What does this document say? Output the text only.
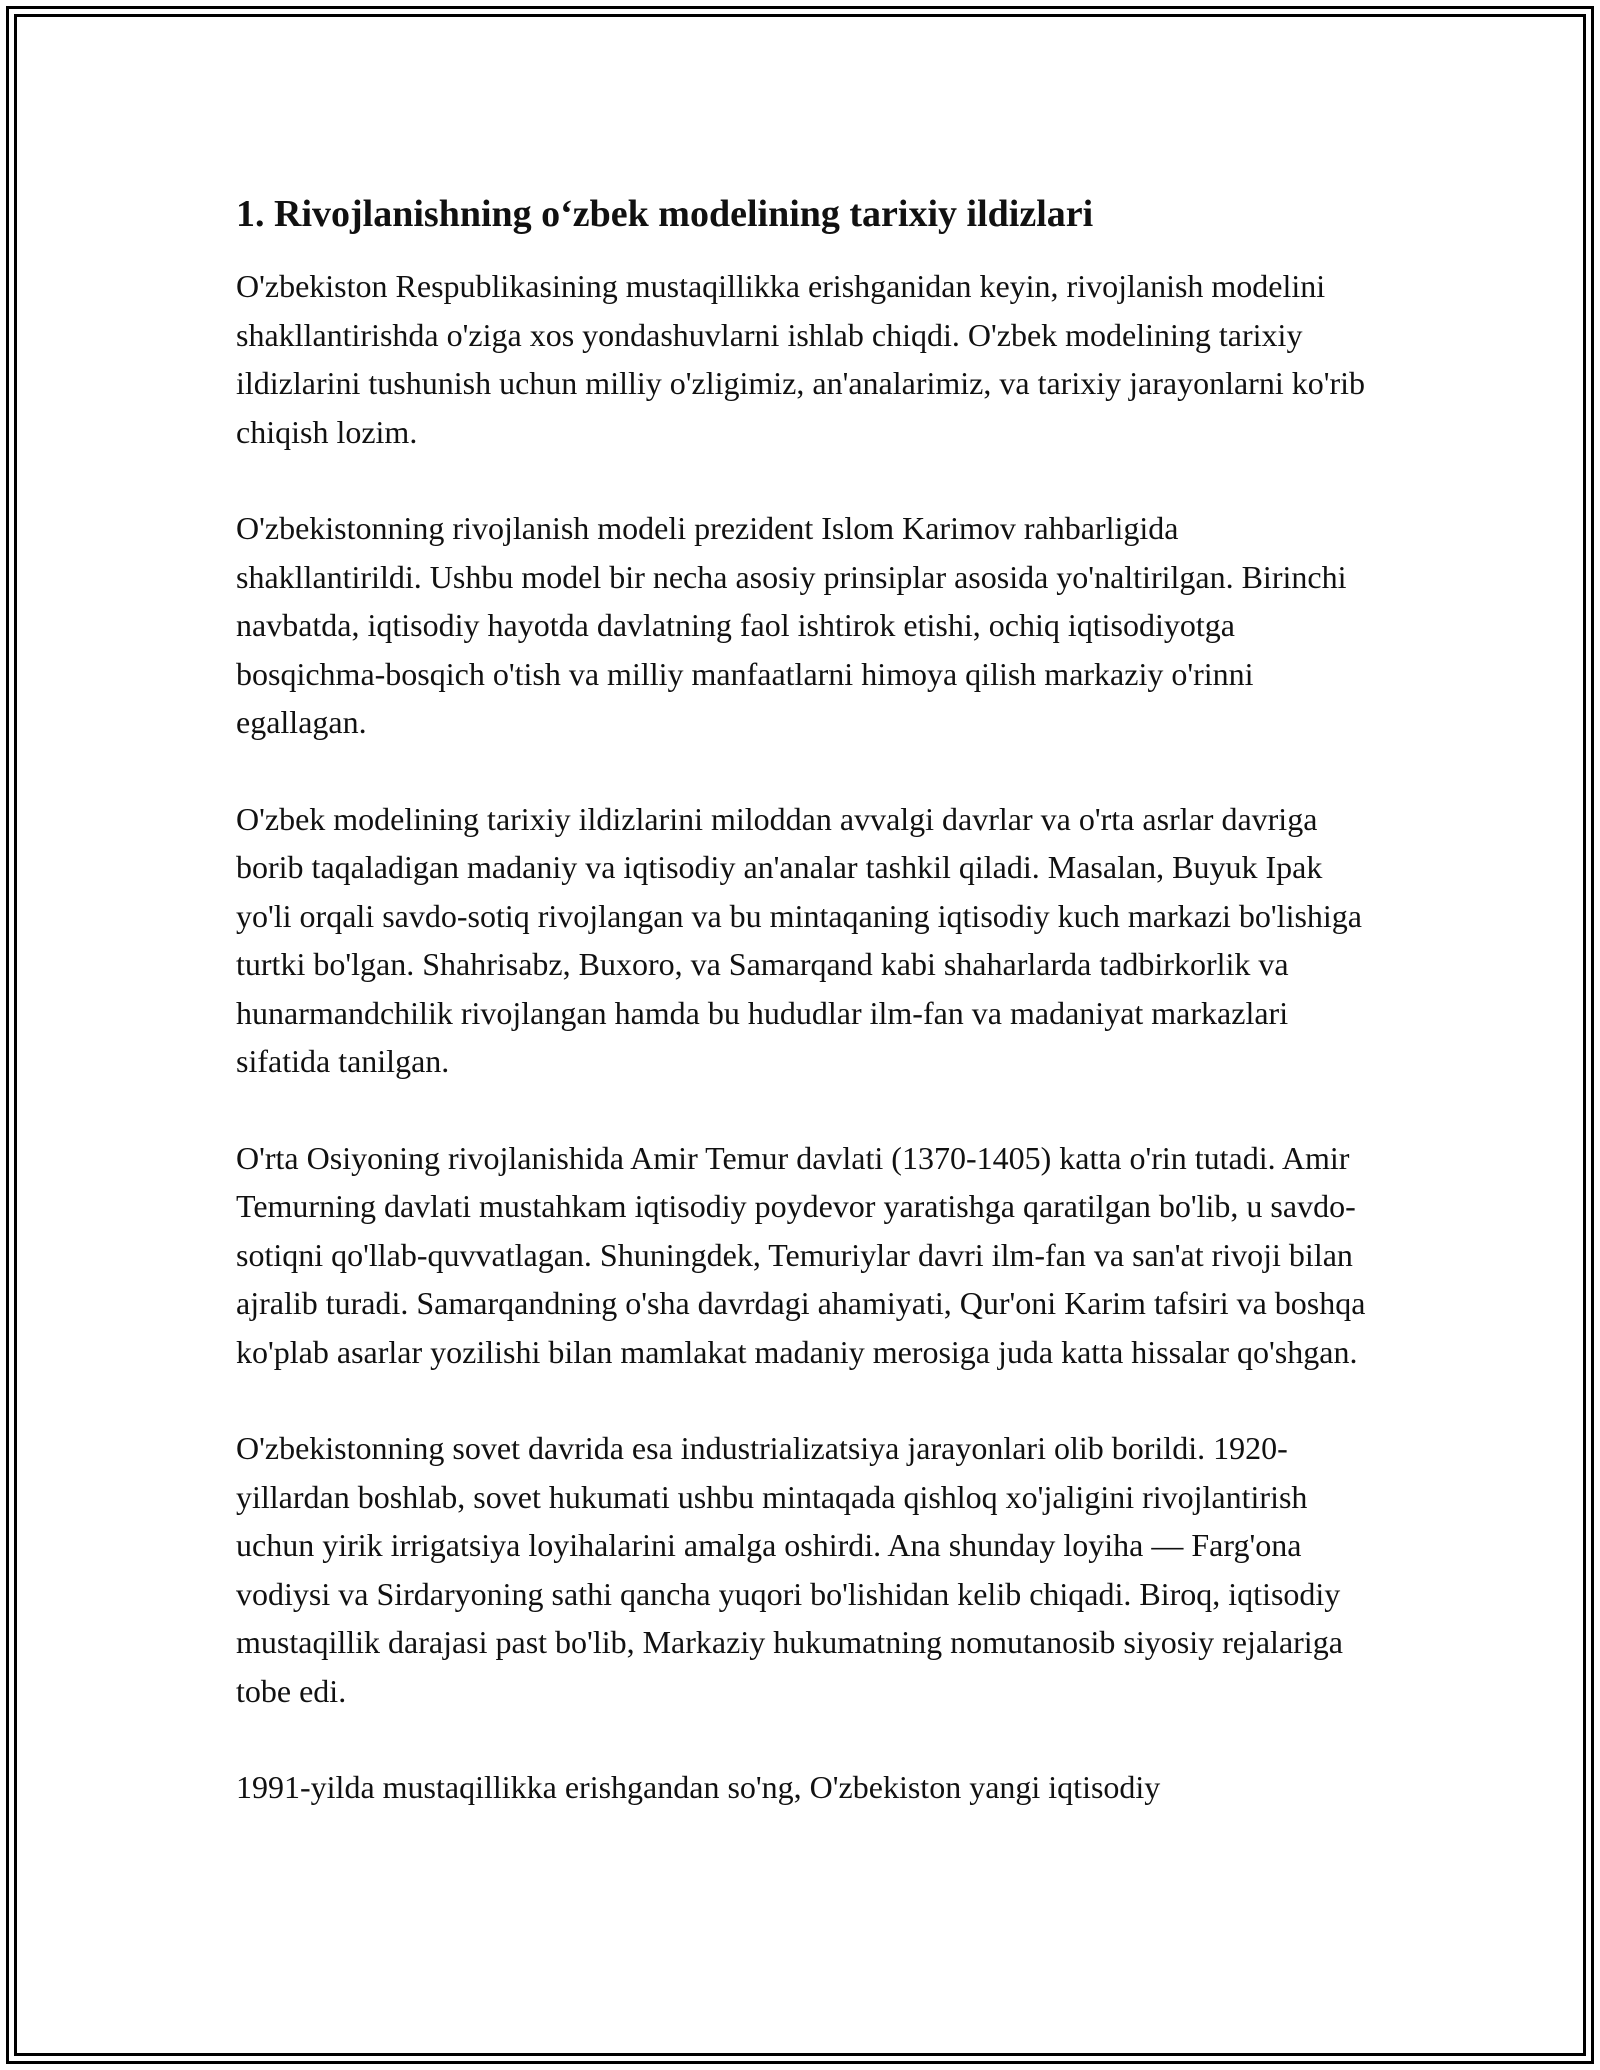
1. Rivojlanishning o‘zbek modelining tarixiy ildizlari

O'zbekiston Respublikasining mustaqillikka erishganidan keyin, rivojlanish modelini shakllantirishda o'ziga xos yondashuvlarni ishlab chiqdi. O'zbek modelining tarixiy ildizlarini tushunish uchun milliy o'zligimiz, an'analarimiz, va tarixiy jarayonlarni ko'rib chiqish lozim.

O'zbekistonning rivojlanish modeli prezident Islom Karimov rahbarligida shakllantirildi. Ushbu model bir necha asosiy prinsiplar asosida yo'naltirilgan. Birinchi navbatda, iqtisodiy hayotda davlatning faol ishtirok etishi, ochiq iqtisodiyotga bosqichma-bosqich o'tish va milliy manfaatlarni himoya qilish markaziy o'rinni egallagan.

O'zbek modelining tarixiy ildizlarini miloddan avvalgi davrlar va o'rta asrlar davriga borib taqaladigan madaniy va iqtisodiy an'analar tashkil qiladi. Masalan, Buyuk Ipak yo'li orqali savdo-sotiq rivojlangan va bu mintaqaning iqtisodiy kuch markazi bo'lishiga turtki bo'lgan. Shahrisabz, Buxoro, va Samarqand kabi shaharlarda tadbirkorlik va hunarmandchilik rivojlangan hamda bu hududlar ilm-fan va madaniyat markazlari sifatida tanilgan.

O'rta Osiyoning rivojlanishida Amir Temur davlati (1370-1405) katta o'rin tutadi. Amir Temurning davlati mustahkam iqtisodiy poydevor yaratishga qaratilgan bo'lib, u savdo-sotiqni qo'llab-quvvatlagan. Shuningdek, Temuriylar davri ilm-fan va san'at rivoji bilan ajralib turadi. Samarqandning o'sha davrdagi ahamiyati, Qur'oni Karim tafsiri va boshqa ko'plab asarlar yozilishi bilan mamlakat madaniy merosiga juda katta hissalar qo'shgan.

O'zbekistonning sovet davrida esa industrializatsiya jarayonlari olib borildi. 1920-yillardan boshlab, sovet hukumati ushbu mintaqada qishloq xo'jaligini rivojlantirish uchun yirik irrigatsiya loyihalarini amalga oshirdi. Ana shunday loyiha — Farg'ona vodiysi va Sirdaryoning sathi qancha yuqori bo'lishidan kelib chiqadi. Biroq, iqtisodiy mustaqillik darajasi past bo'lib, Markaziy hukumatning nomutanosib siyosiy rejalariga tobe edi.

1991-yilda mustaqillikka erishgandan so'ng, O'zbekiston yangi iqtisodiy
